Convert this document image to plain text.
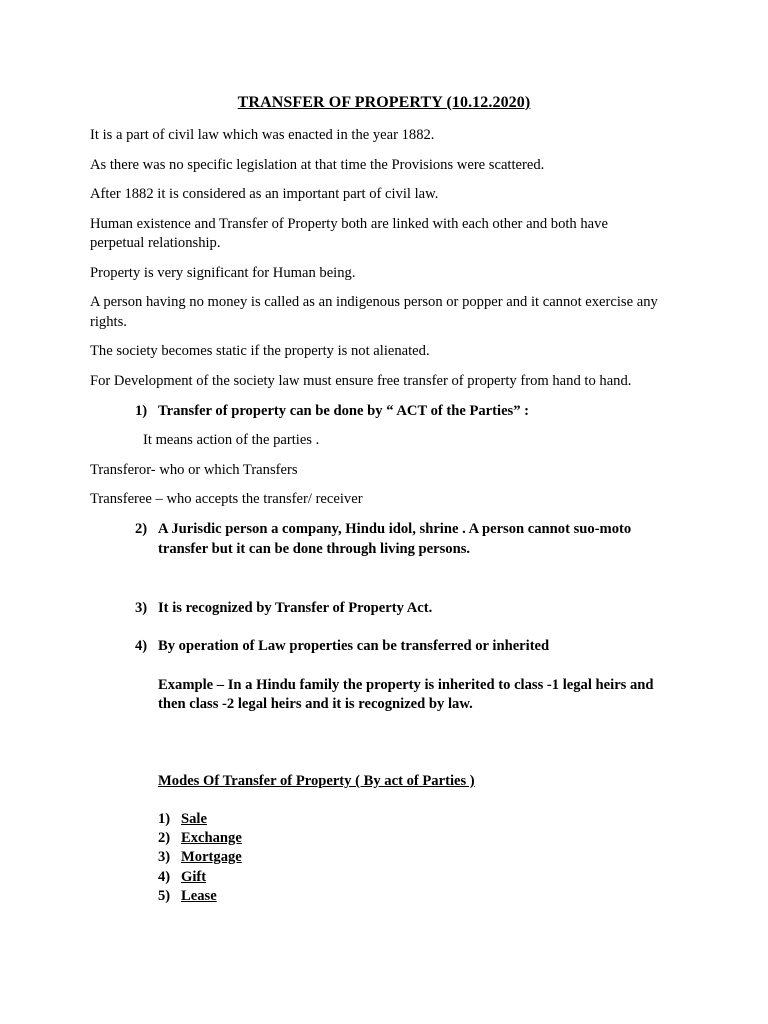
TRANSFER OF PROPERTY (10.12.2020)
It is a part of civil law which was enacted in the year 1882.
As there was no specific legislation at that time the Provisions were scattered.
After 1882 it is considered as an important part of civil law.
Human existence and Transfer of Property both are linked with each other and both have
perpetual relationship.
Property is very significant for Human being.
A person having no money is called as an indigenous person or popper and it cannot exercise any
rights.
The society becomes static if the property is not alienated.
For Development of the society law must ensure free transfer of property from hand to hand.
1) Transfer of property can be done by “ ACT of the Parties” :
It means action of the parties .
Transferor- who or which Transfers
Transferee – who accepts the transfer/ receiver
2) A Jurisdic person a company, Hindu idol, shrine . A person cannot suo-moto
transfer but it can be done through living persons.
3) It is recognized by Transfer of Property Act.
4) By operation of Law properties can be transferred or inherited
Example – In a Hindu family the property is inherited to class -1 legal heirs and
then class -2 legal heirs and it is recognized by law.
Modes Of Transfer of Property ( By act of Parties )
1) Sale
2) Exchange
3) Mortgage
4) Gift
5) Lease
